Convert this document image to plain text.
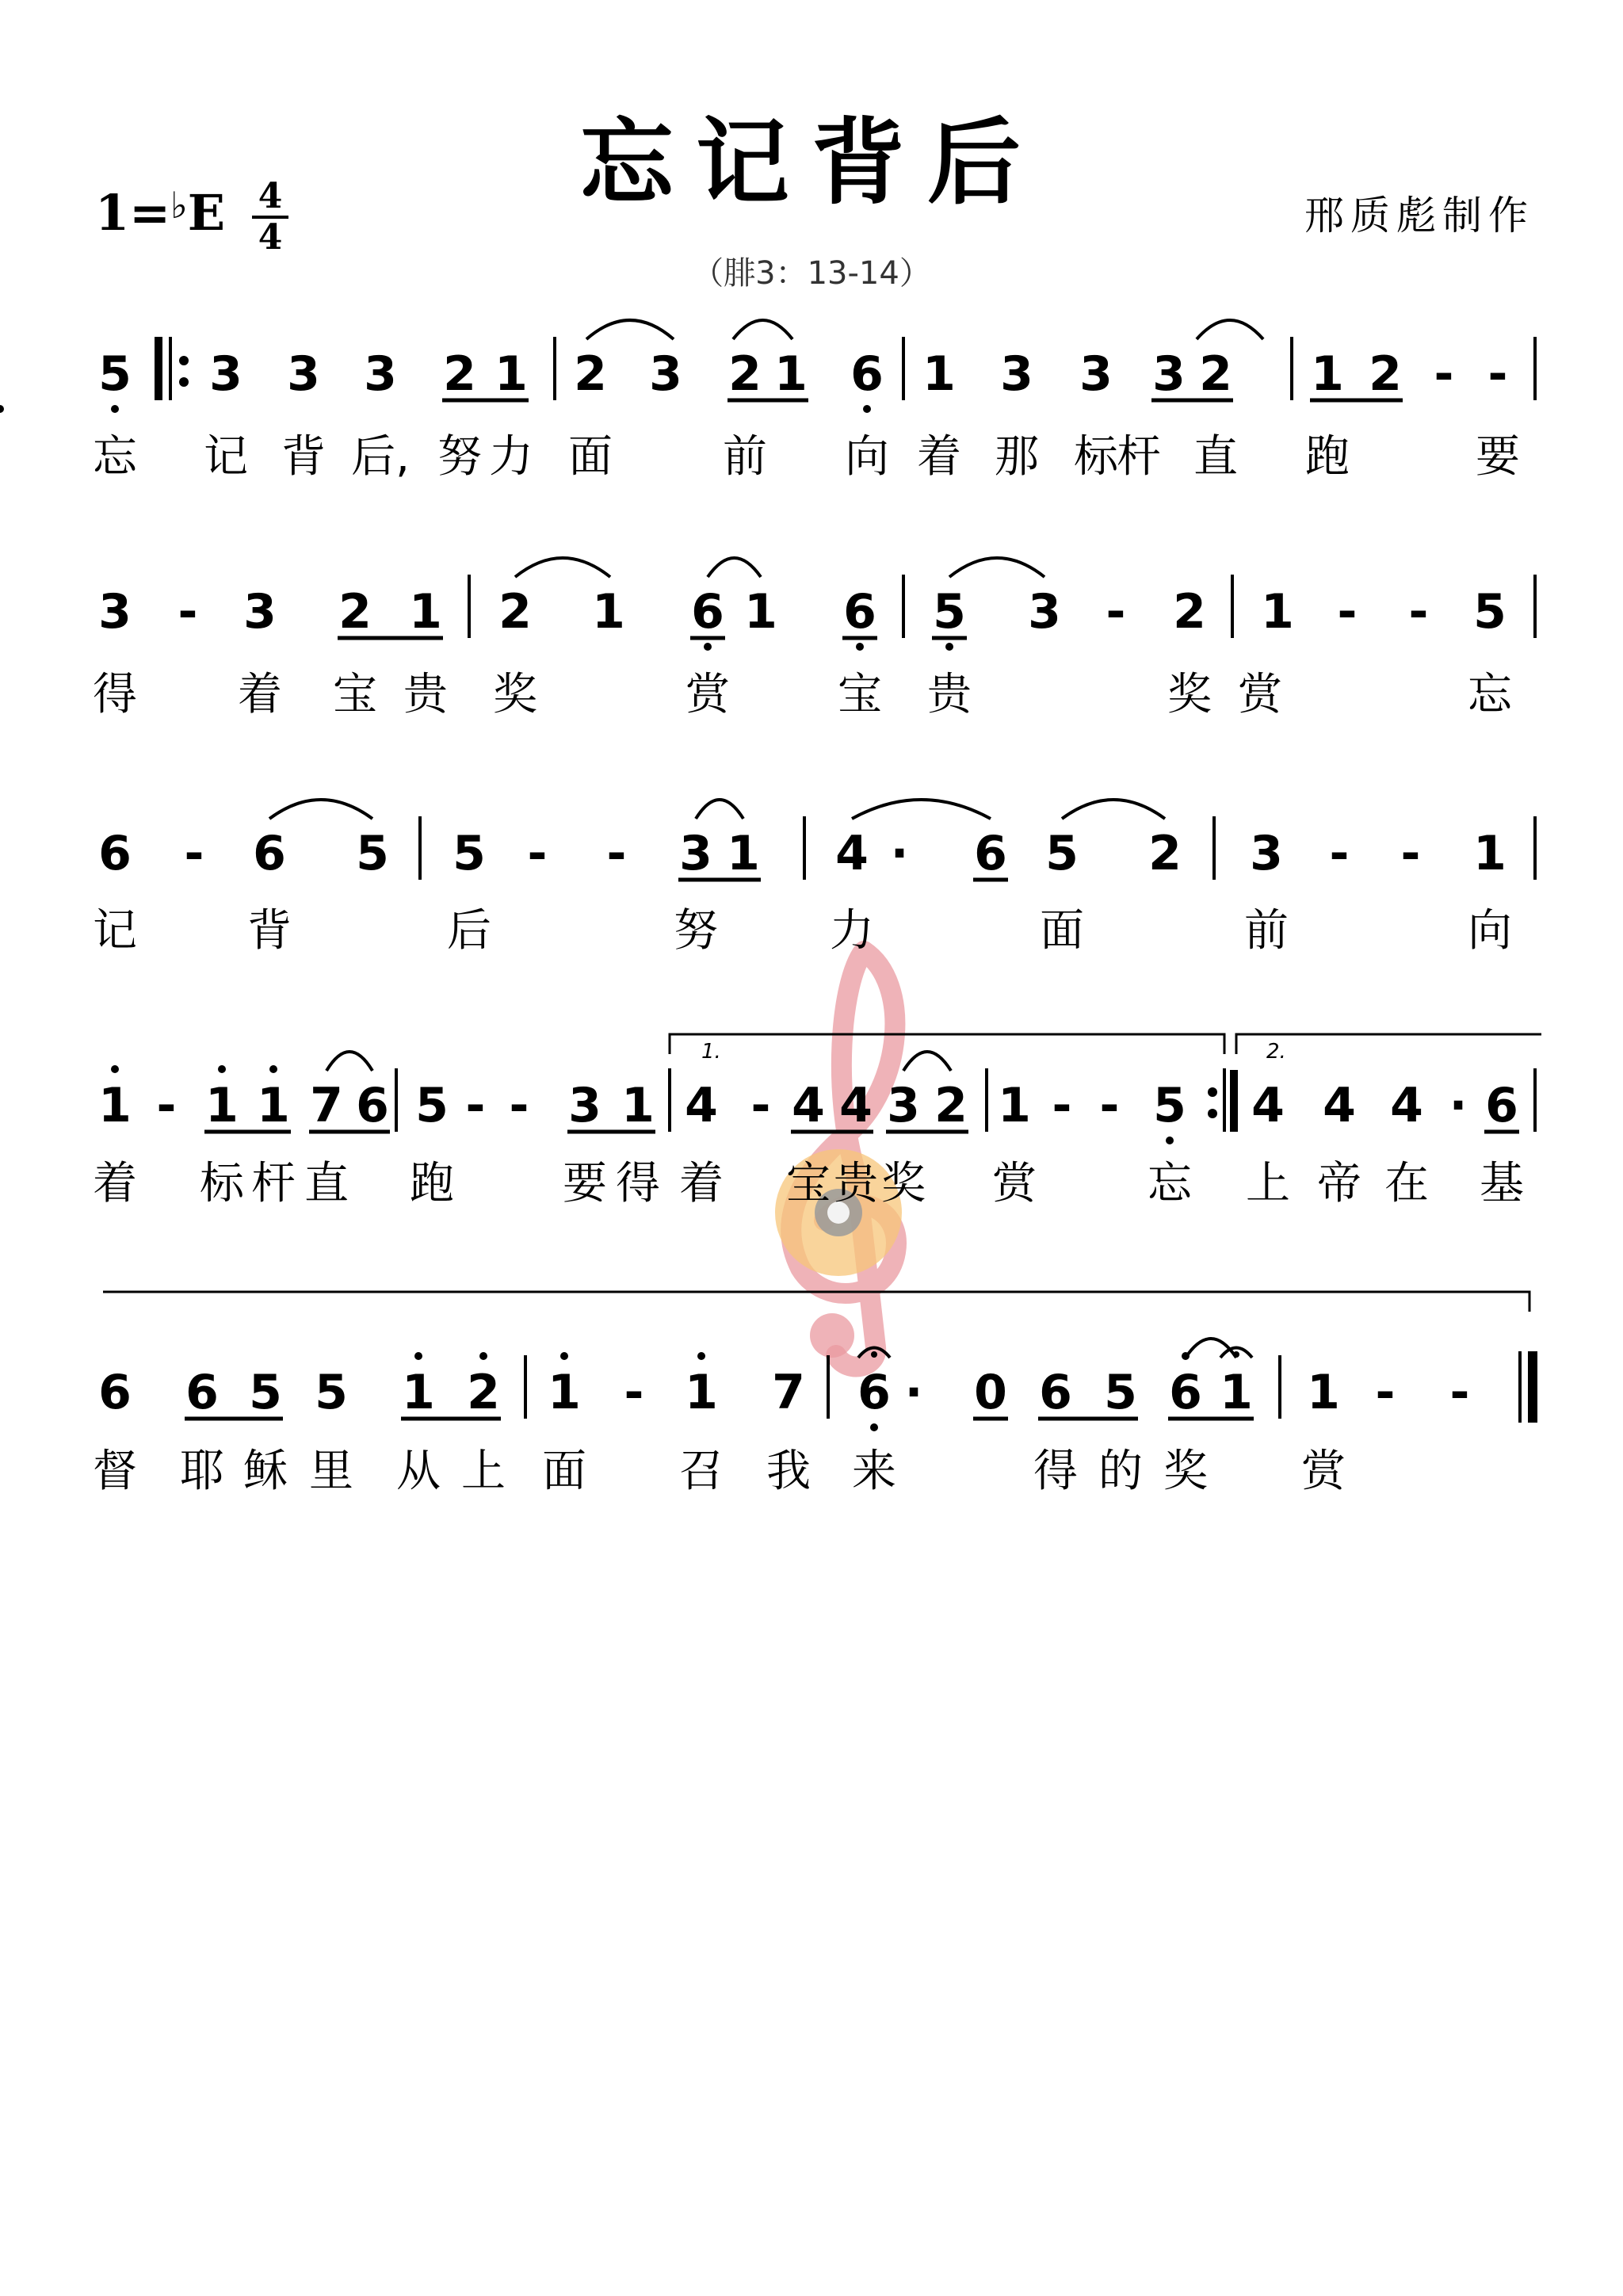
忘记背后
1=♭E 4
4	邢质彪制作
（腓3：13-14）
5 3 3 3 2 1 2 3 2 1 6 1 3 3 3 2 1 2 - -
忘 记 背 后, 努 力 面 前 向 着 那 标
杆 直 跑	要
3 - 3 2 1 2 1 6 1 6 5 3 - 2 1 - - 5
得 着 宝 贵 奖	赏 宝 贵	奖 赏	忘
6 - 6 5 5 - - 3 1 4 · 6 5 2 3 - - 1
记 背	后	努	力	面	前	向
1 - 1 1 7 6 5 - - 3 1 4 - 4 4 3 2 1 - - 5 4 4 4 · 6
着 标 杆 直 跑 要 得 着 宝 贵 奖 赏	忘 上 帝 在 基
6 6 5 5 1 2 1 - 1 7 6 · 0 6 5 6 1 1 - -
督 耶 稣 里 从 上 面 召 我 来	得 的 奖 赏
1.	2.
